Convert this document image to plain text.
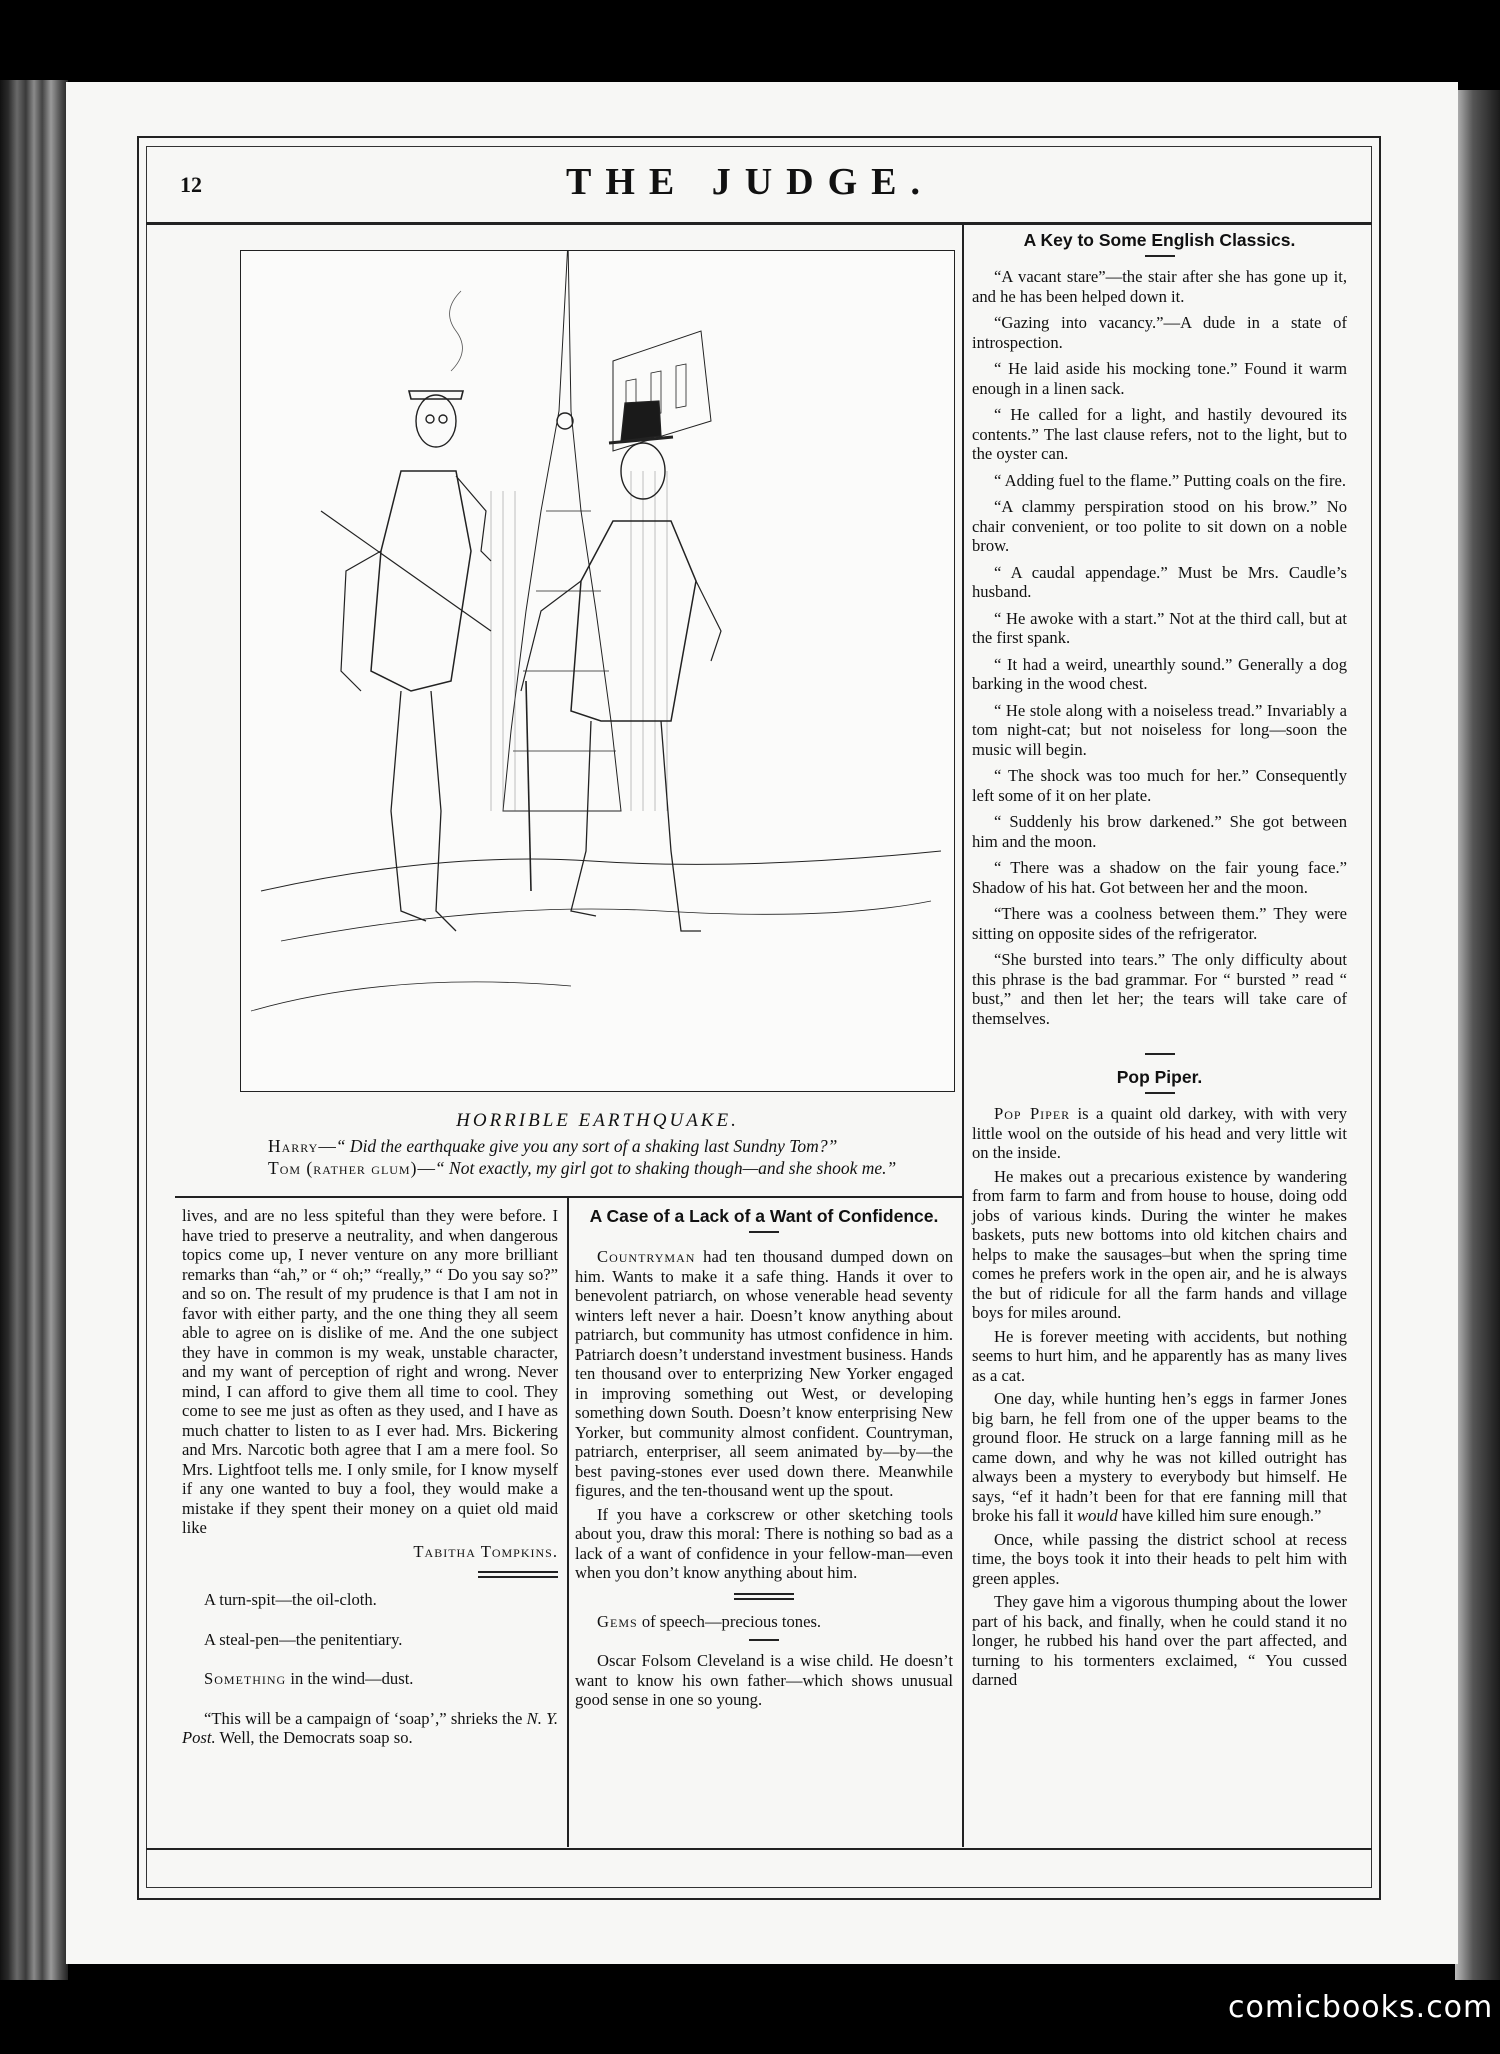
12	THE JUDGE.
HORRIBLE EARTHQUAKE.
Harry—“ Did the earthquake give you any sort of a shaking last Sundny Tom?”
Tom (rather glum)—“ Not exactly, my girl got to shaking though—and she shook me.”

lives, and are no less spiteful than they were before. I have tried to preserve a neutrality, and when dangerous topics come up, I never venture on any more brilliant remarks than “ah,” or “ oh;” “really,” “ Do you say so?” and so on. The result of my prudence is that I am not in favor with either party, and the one thing they all seem able to agree on is dislike of me. And the one subject they have in common is my weak, unstable character, and my want of perception of right and wrong. Never mind, I can afford to give them all time to cool. They come to see me just as often as they used, and I have as much chatter to listen to as I ever had. Mrs. Bickering and Mrs. Narcotic both agree that I am a mere fool. So Mrs. Lightfoot tells me. I only smile, for I know myself if any one wanted to buy a fool, they would make a mistake if they spent their money on a quiet old maid like

Tabitha Tompkins.

A turn-spit—the oil-cloth.

A steal-pen—the penitentiary.

Something in the wind—dust.

“This will be a campaign of ‘soap’,” shrieks the N. Y. Post. Well, the Democrats soap so.

A Case of a Lack of a Want of Confidence.

Countryman had ten thousand dumped down on him. Wants to make it a safe thing. Hands it over to benevolent patriarch, on whose venerable head seventy winters left never a hair. Doesn’t know anything about patriarch, but community has utmost confidence in him. Patriarch doesn’t understand investment business. Hands ten thousand over to enterprizing New Yorker engaged in improving something out West, or developing something down South. Doesn’t know enterprising New Yorker, but community almost confident. Countryman, patriarch, enterpriser, all seem animated by—by—the best paving-stones ever used down there. Meanwhile figures, and the ten-thousand went up the spout.

If you have a corkscrew or other sketching tools about you, draw this moral: There is nothing so bad as a lack of a want of confidence in your fellow-man—even when you don’t know anything about him.

Gems of speech—precious tones.

Oscar Folsom Cleveland is a wise child. He doesn’t want to know his own father—which shows unusual good sense in one so young.

A Key to Some English Classics.

“A vacant stare”—the stair after she has gone up it, and he has been helped down it.

“Gazing into vacancy.”—A dude in a state of introspection.

“ He laid aside his mocking tone.” Found it warm enough in a linen sack.

“ He called for a light, and hastily devoured its contents.” The last clause refers, not to the light, but to the oyster can.

“ Adding fuel to the flame.” Putting coals on the fire.

“A clammy perspiration stood on his brow.” No chair convenient, or too polite to sit down on a noble brow.

“ A caudal appendage.” Must be Mrs. Caudle’s husband.

“ He awoke with a start.” Not at the third call, but at the first spank.

“ It had a weird, unearthly sound.” Generally a dog barking in the wood chest.

“ He stole along with a noiseless tread.” Invariably a tom night-cat; but not noiseless for long—soon the music will begin.

“ The shock was too much for her.” Consequently left some of it on her plate.

“ Suddenly his brow darkened.” She got between him and the moon.

“ There was a shadow on the fair young face.” Shadow of his hat. Got between her and the moon.

“There was a coolness between them.” They were sitting on opposite sides of the refrigerator.

“She bursted into tears.” The only difficulty about this phrase is the bad grammar. For “ bursted ” read “ bust,” and then let her; the tears will take care of themselves.

Pop Piper.

Pop Piper is a quaint old darkey, with with very little wool on the outside of his head and very little wit on the inside.

He makes out a precarious existence by wandering from farm to farm and from house to house, doing odd jobs of various kinds. During the winter he makes baskets, puts new bottoms into old kitchen chairs and helps to make the sausages–but when the spring time comes he prefers work in the open air, and he is always the but of ridicule for all the farm hands and village boys for miles around.

He is forever meeting with accidents, but nothing seems to hurt him, and he apparently has as many lives as a cat.

One day, while hunting hen’s eggs in farmer Jones big barn, he fell from one of the upper beams to the ground floor. He struck on a large fanning mill as he came down, and why he was not killed outright has always been a mystery to everybody but himself. He says, “ef it hadn’t been for that ere fanning mill that broke his fall it would have killed him sure enough.”

Once, while passing the district school at recess time, the boys took it into their heads to pelt him with green apples.

They gave him a vigorous thumping about the lower part of his back, and finally, when he could stand it no longer, he rubbed his hand over the part affected, and turning to his tormenters exclaimed, “ You cussed darned

comicbooks.com
